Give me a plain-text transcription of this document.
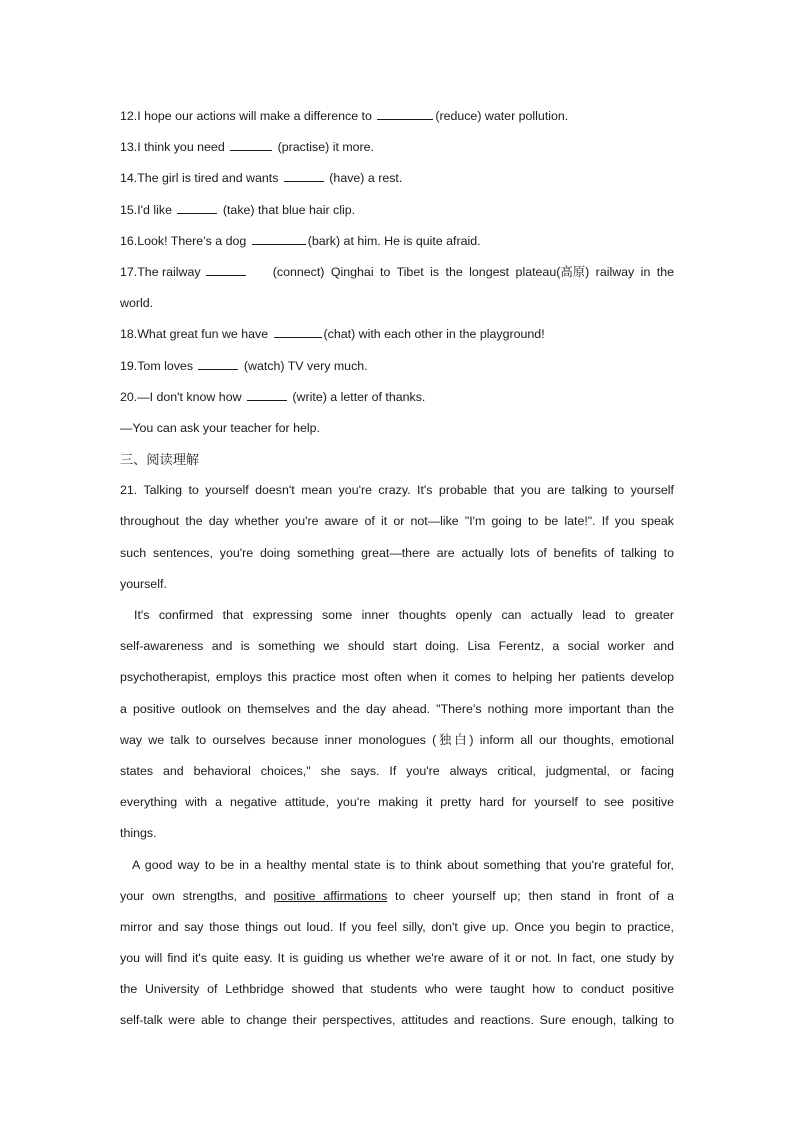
12.I hope our actions will make a difference to	(reduce) water pollution.
13.I think you need	(practise) it more.
14.The girl is tired and wants	(have) a rest.
15.I'd like	(take) that blue hair clip.
16.Look! There’s a dog	(bark) at him. He is quite afraid.
17.The railway	(connect) Qinghai to Tibet is the longest plateau(高原) railway in the
world.
18.What great fun we have	(chat) with each other in the playground!
19.Tom loves	(watch) TV very much.
20.—I don't know how	(write) a letter of thanks.
—You can ask your teacher for help.
三、阅读理解
21. Talking to yourself doesn't mean you're crazy. It's probable that you are talking to yourself
throughout the day whether you're aware of it or not—like "I'm going to be late!". If you speak
such sentences, you're doing something great—there are actually lots of benefits of talking to
yourself.
It's confirmed that expressing some inner thoughts openly can actually lead to greater
self-awareness and is something we should start doing. Lisa Ferentz, a social worker and
psychotherapist, employs this practice most often when it comes to helping her patients develop
a positive outlook on themselves and the day ahead. "There's nothing more important than the
way we talk to ourselves because inner monologues (独白) inform all our thoughts, emotional
states and behavioral choices," she says. If you're always critical, judgmental, or facing
everything with a negative attitude, you're making it pretty hard for yourself to see positive
things.
A good way to be in a healthy mental state is to think about something that you're grateful for,
your own strengths, and positive affirmations to cheer yourself up; then stand in front of a
mirror and say those things out loud. If you feel silly, don't give up. Once you begin to practice,
you will find it's quite easy. It is guiding us whether we're aware of it or not. In fact, one study by
the University of Lethbridge showed that students who were taught how to conduct positive
self-talk were able to change their perspectives, attitudes and reactions. Sure enough, talking to
